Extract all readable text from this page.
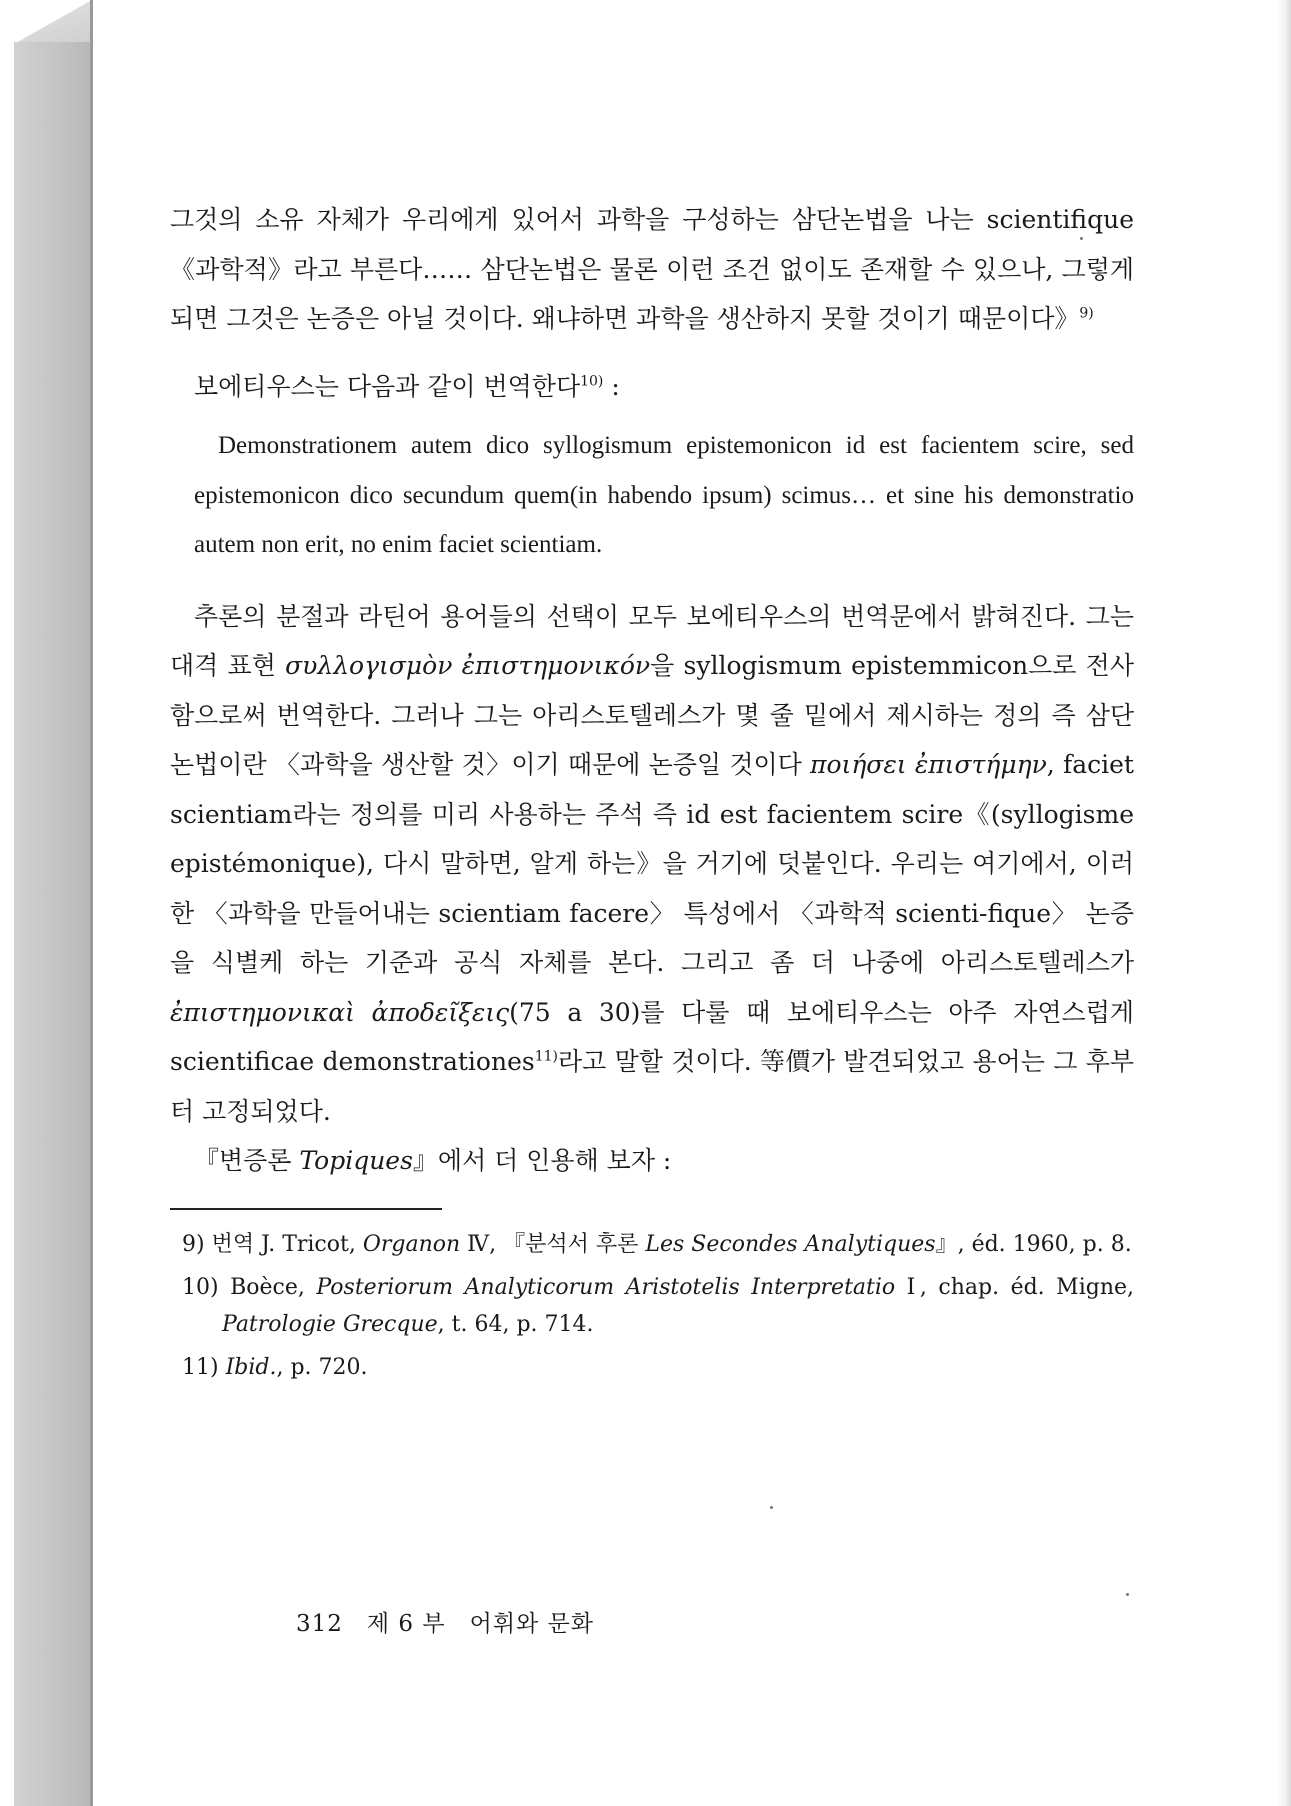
그것의 소유 자체가 우리에게 있어서 과학을 구성하는 삼단논법을 나는 scientifique《과학적》라고 부른다…… 삼단논법은 물론 이런 조건 없이도 존재할 수 있으나, 그렇게 되면 그것은 논증은 아닐 것이다. 왜냐하면 과학을 생산하지 못할 것이기 때문이다》$^{9)}$

보에티우스는 다음과 같이 번역한다$^{10)}$ :

Demonstrationem autem dico syllogismum epistemonicon id est facientem scire, sed epistemonicon dico secundum quem(in habendo ipsum) scimus… et sine his demonstratio autem non erit, no enim faciet scientiam.

추론의 분절과 라틴어 용어들의 선택이 모두 보에티우스의 번역문에서 밝혀진다. 그는 대격 표현 συλλογισμὸν ἐπιστημονικόν을 syllogismum epistemmicon으로 전사함으로써 번역한다. 그러나 그는 아리스토텔레스가 몇 줄 밑에서 제시하는 정의 즉 삼단논법이란 〈과학을 생산할 것〉이기 때문에 논증일 것이다 ποιήσει ἐπιστήμην, faciet scientiam라는 정의를 미리 사용하는 주석 즉 id est facientem scire《(syllogisme epistémonique), 다시 말하면, 알게 하는》을 거기에 덧붙인다. 우리는 여기에서, 이러한 〈과학을 만들어내는 scientiam facere〉 특성에서 〈과학적 scienti-fique〉 논증을 식별케 하는 기준과 공식 자체를 본다. 그리고 좀 더 나중에 아리스토텔레스가 ἐπιστημονικαὶ ἀποδεῖξεις(75 a 30)를 다룰 때 보에티우스는 아주 자연스럽게 scientificae demonstrationes$^{11)}$라고 말할 것이다. 等價가 발견되었고 용어는 그 후부터 고정되었다.

『변증론 Topiques』에서 더 인용해 보자 :

9) 번역 J. Tricot, Organon Ⅳ, 『분석서 후론 Les Secondes Analytiques』, éd. 1960, p. 8.
10) Boèce, Posteriorum Analyticorum Aristotelis Interpretatio Ⅰ, chap. éd. Migne, Patrologie Grecque, t. 64, p. 714.
11) Ibid., p. 720.
312 제 6 부 어휘와 문화
